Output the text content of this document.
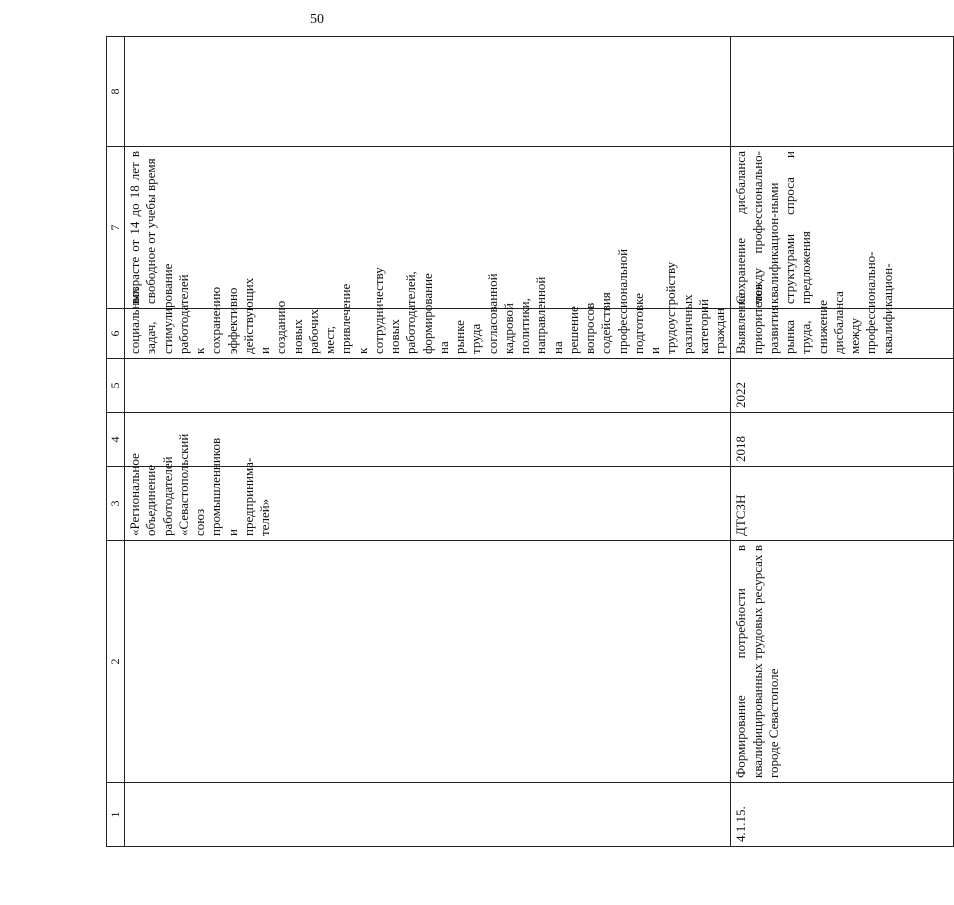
50
1	2	3	4	5	6	7	8
		«Региональное объединение работодателей «Севастопольский союз промышленников и предпринима-телей»			социальных задач, стимулирование работодателей к сохранению эффективно действующих и созданию новых рабочих мест, привлечение к сотрудничеству новых работодателей, формирование на рынке труда согласованной кадровой политики, направленной на решение вопросов содействия профессиональной подготовке и трудоустройству различных категорий граждан	возрасте от 14 до 18 лет в свободное от учебы время	
4.1.15.	Формирование потребности в квалифицированных трудовых ресурсах в городе Севастополе	ДТСЗН	2018	2022	Выявление приоритетов развития рынка труда, снижение дисбаланса между профессионально-квалификацион-	Сохранение дисбаланса между профессионально-квалификацион-ными структурами спроса и предложения	
